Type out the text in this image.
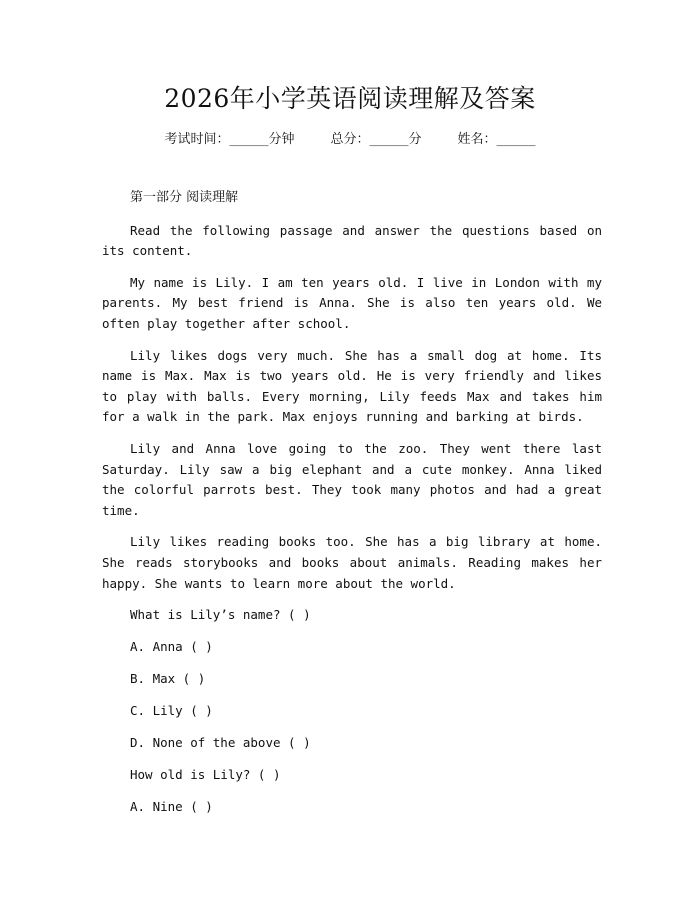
2026年小学英语阅读理解及答案
考试时间：______分钟	总分：______分	姓名：______

第一部分 阅读理解

Read the following passage and answer the questions based on its content.

My name is Lily. I am ten years old. I live in London with my parents. My best friend is Anna. She is also ten years old. We often play together after school.

Lily likes dogs very much. She has a small dog at home. Its name is Max. Max is two years old. He is very friendly and likes to play with balls. Every morning, Lily feeds Max and takes him for a walk in the park. Max enjoys running and barking at birds.

Lily and Anna love going to the zoo. They went there last Saturday. Lily saw a big elephant and a cute monkey. Anna liked the colorful parrots best. They took many photos and had a great time.

Lily likes reading books too. She has a big library at home. She reads storybooks and books about animals. Reading makes her happy. She wants to learn more about the world.

What is Lily’s name? ( )

A. Anna ( )

B. Max ( )

C. Lily ( )

D. None of the above ( )

How old is Lily? ( )

A. Nine ( )
